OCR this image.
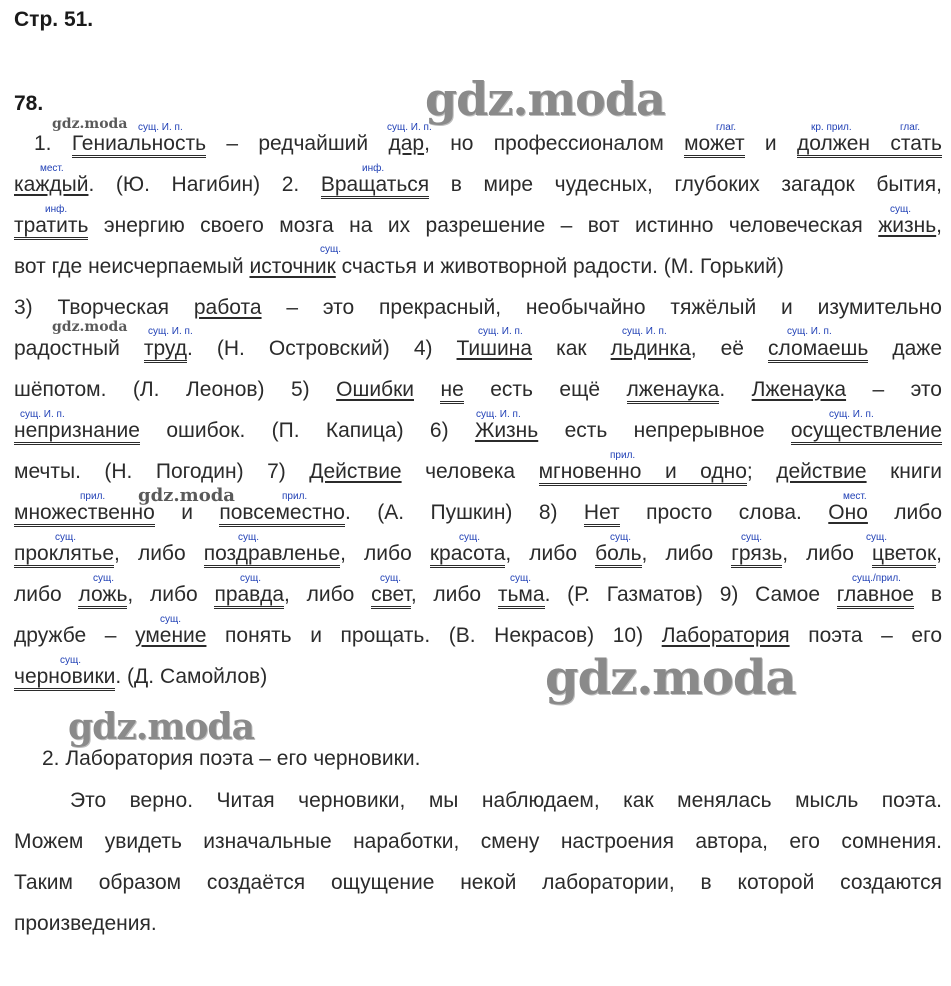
Стр. 51.
78.	gdz.moda
gdz.moda
gdz.moda
gdz.moda
gdz.moda
gdz.moda
сущ. И. п.	сущ. И. п.	глаг.	кр. прил.	глаг.
мест.	инф.
инф.	сущ.
сущ.
сущ. И. п.	сущ. И. п.	сущ. И. п.	сущ. И. п.
сущ. И. п.	сущ. И. п.	сущ. И. п.
прил.
прил.	прил.	мест.
сущ.	сущ.	сущ.	сущ.	сущ.	сущ.
сущ.	сущ.	сущ.	сущ.	сущ./прил.
сущ.
сущ.
1. Гениальность – редчайший дар, но профессионалом может и должен стать
каждый. (Ю. Нагибин) 2. Вращаться в мире чудесных, глубоких загадок бытия,
тратить энергию своего мозга на их разрешение – вот истинно человеческая жизнь,
вот где неисчерпаемый источник счастья и животворной радости. (М. Горький)
3) Творческая работа – это прекрасный, необычайно тяжёлый и изумительно
радостный труд. (Н. Островский) 4) Тишина как льдинка, её сломаешь даже
шёпотом. (Л. Леонов) 5) Ошибки не есть ещё лженаука. Лженаука – это
непризнание ошибок. (П. Капица) 6) Жизнь есть непрерывное осуществление
мечты. (Н. Погодин) 7) Действие человека мгновенно и одно; действие книги
множественно и повсеместно. (А. Пушкин) 8) Нет просто слова. Оно либо
проклятье, либо поздравленье, либо красота, либо боль, либо грязь, либо цветок,
либо ложь, либо правда, либо свет, либо тьма. (Р. Газматов) 9) Самое главное в
дружбе – умение понять и прощать. (В. Некрасов) 10) Лаборатория поэта – его
черновики. (Д. Самойлов)
2. Лаборатория поэта – его черновики.
Это верно. Читая черновики, мы наблюдаем, как менялась мысль поэта.
Можем увидеть изначальные наработки, смену настроения автора, его сомнения.
Таким образом создаётся ощущение некой лаборатории, в которой создаются
произведения.
